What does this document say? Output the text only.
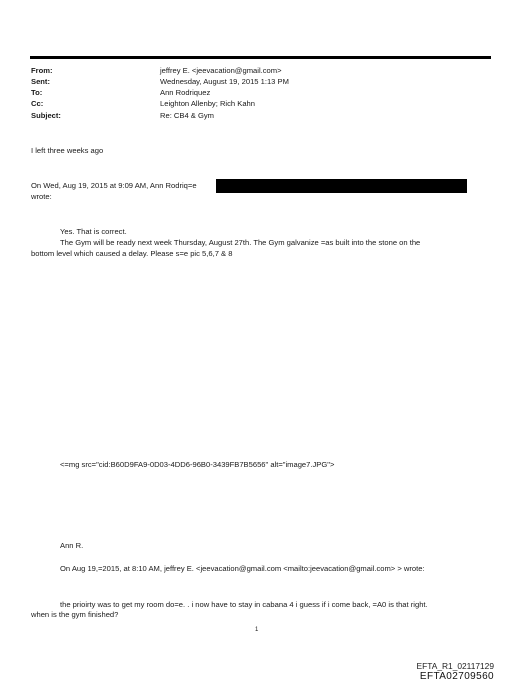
From:	jeffrey E. <jeevacation@gmail.com>
Sent:	Wednesday, August 19, 2015 1:13 PM
To:	Ann Rodriquez
Cc:	Leighton Allenby; Rich Kahn
Subject:	Re: CB4 & Gym
I left three weeks ago
On Wed, Aug 19, 2015 at 9:09 AM, Ann Rodriq=e
wrote:
Yes. That is correct.
The Gym will be ready next week Thursday, August 27th. The Gym galvanize =as built into the stone on the
bottom level which caused a delay. Please s=e pic 5,6,7 & 8
<=mg src="cid:B60D9FA9-0D03-4DD6-96B0-3439FB7B5656" alt="image7.JPG">
Ann R.
On Aug 19,=2015, at 8:10 AM, jeffrey E. <jeevacation@gmail.com <mailto:jeevacation@gmail.com> > wrote:
the prioirty was to get my room do=e. . i now have to stay in cabana 4 i guess if i come back, =A0 is that right.
when is the gym finished?
1
EFTA_R1_02117129
EFTA02709560
